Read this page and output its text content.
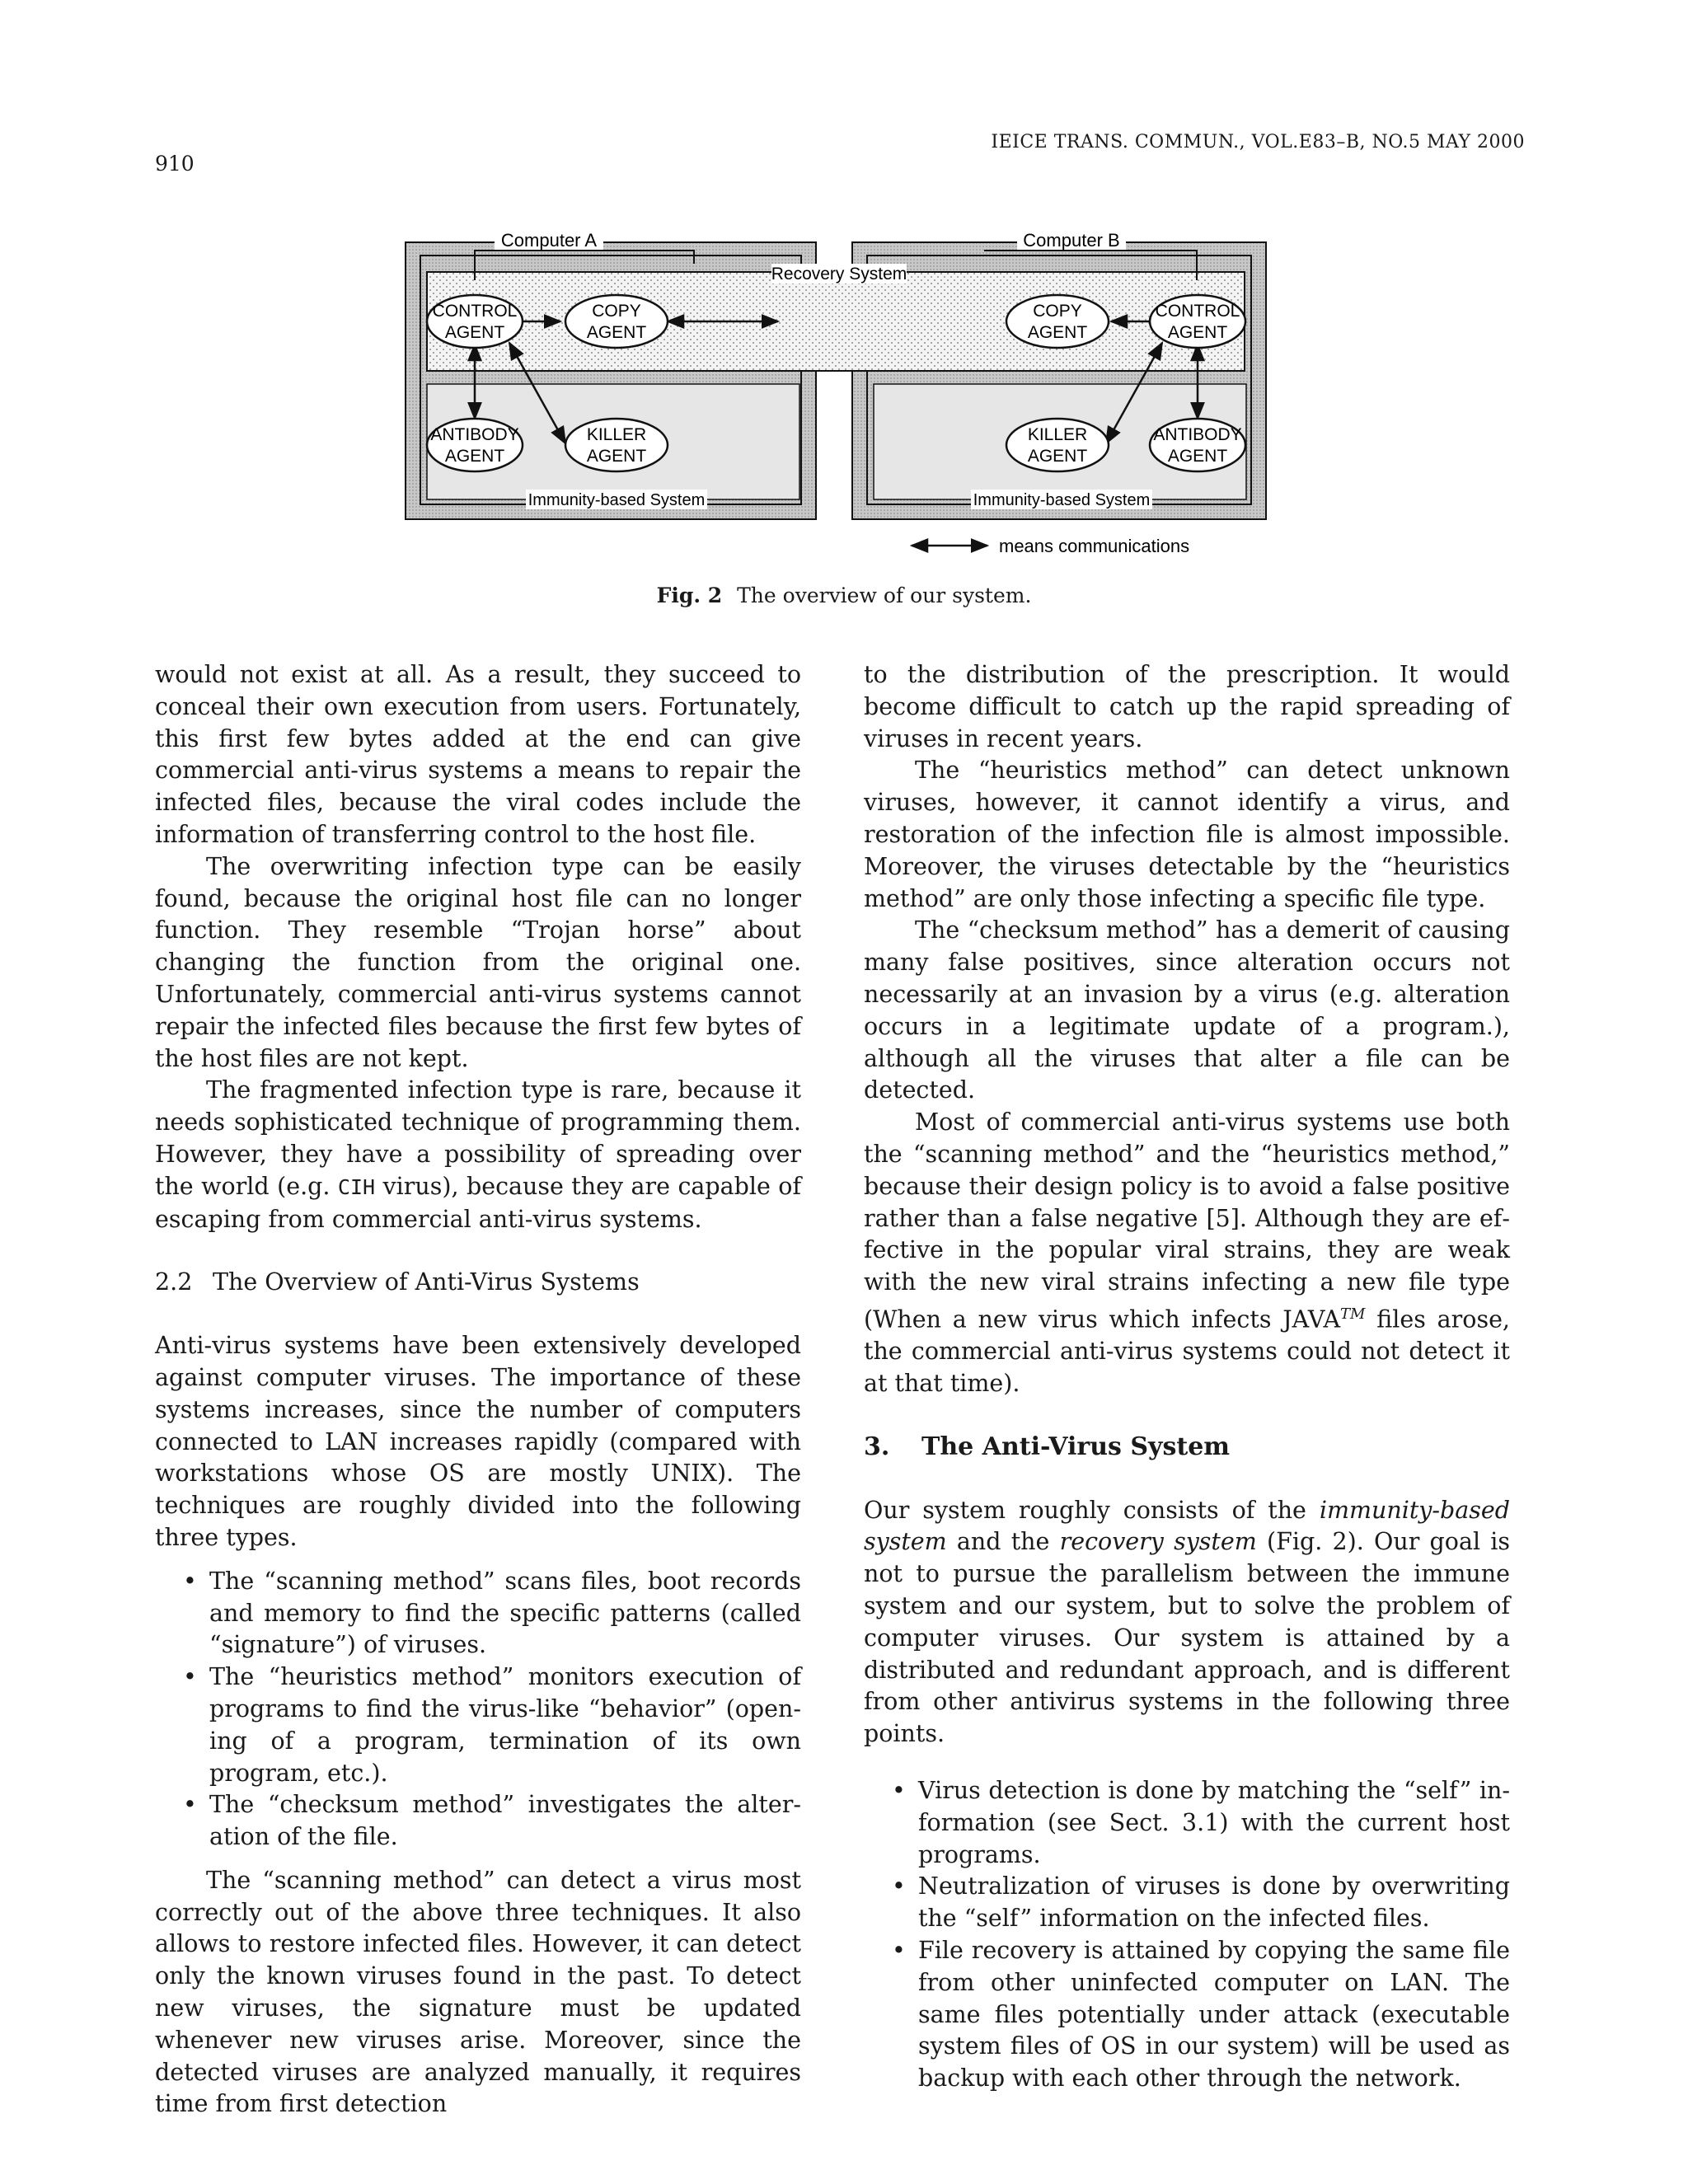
910
IEICE TRANS. COMMUN., VOL.E83–B, NO.5 MAY 2000
Computer A	Computer B
Recovery System
Immunity-based System	Immunity-based System
CONTROL
AGENT
COPY
AGENT
ANTIBODY
AGENT
KILLER
AGENT
COPY
AGENT
CONTROL
AGENT
KILLER
AGENT
ANTIBODY
AGENT
means communications
Fig. 2 The overview of our system.

would not exist at all. As a result, they succeed to conceal their own execution from users. Fortunately, this first few bytes added at the end can give commercial anti-virus systems a means to repair the infected files, because the viral codes include the information of transferring control to the host file.

The overwriting infection type can be easily found, because the original host file can no longer function. They resemble “Trojan horse” about changing the function from the original one. Unfortunately, commercial anti-virus systems cannot repair the infected files because the first few bytes of the host files are not kept.

The fragmented infection type is rare, because it needs sophisticated technique of programming them. However, they have a possibility of spreading over the world (e.g. CIH virus), because they are capable of escaping from commercial anti-virus systems.

2.2 The Overview of Anti-Virus Systems

Anti-virus systems have been extensively developed against computer viruses. The importance of these systems increases, since the number of computers connected to LAN increases rapidly (compared with workstations whose OS are mostly UNIX). The techniques are roughly divided into the following three types.

• The “scanning method” scans files, boot records and memory to find the specific patterns (called “signature”) of viruses.
• The “heuristics method” monitors execution of programs to find the virus-like “behavior” (opening of a program, termination of its own program, etc.).
• The “checksum method” investigates the alteration of the file.

The “scanning method” can detect a virus most correctly out of the above three techniques. It also allows to restore infected files. However, it can detect only the known viruses found in the past. To detect new viruses, the signature must be updated whenever new viruses arise. Moreover, since the detected viruses are analyzed manually, it requires time from first detection

to the distribution of the prescription. It would become difficult to catch up the rapid spreading of viruses in recent years.

The “heuristics method” can detect unknown viruses, however, it cannot identify a virus, and restoration of the infection file is almost impossible. Moreover, the viruses detectable by the “heuristics method” are only those infecting a specific file type.

The “checksum method” has a demerit of causing many false positives, since alteration occurs not necessarily at an invasion by a virus (e.g. alteration occurs in a legitimate update of a program.), although all the viruses that alter a file can be detected.

Most of commercial anti-virus systems use both the “scanning method” and the “heuristics method,” because their design policy is to avoid a false positive rather than a false negative [5]. Although they are effective in the popular viral strains, they are weak with the new viral strains infecting a new file type (When a new virus which infects JAVA™ files arose, the commercial anti-virus systems could not detect it at that time).

3. The Anti-Virus System

Our system roughly consists of the immunity-based system and the recovery system (Fig. 2). Our goal is not to pursue the parallelism between the immune system and our system, but to solve the problem of computer viruses. Our system is attained by a distributed and redundant approach, and is different from other antivirus systems in the following three points.

• Virus detection is done by matching the “self” information (see Sect. 3.1) with the current host programs.
• Neutralization of viruses is done by overwriting the “self” information on the infected files.
• File recovery is attained by copying the same file from other uninfected computer on LAN. The same files potentially under attack (executable system files of OS in our system) will be used as backup with each other through the network.
